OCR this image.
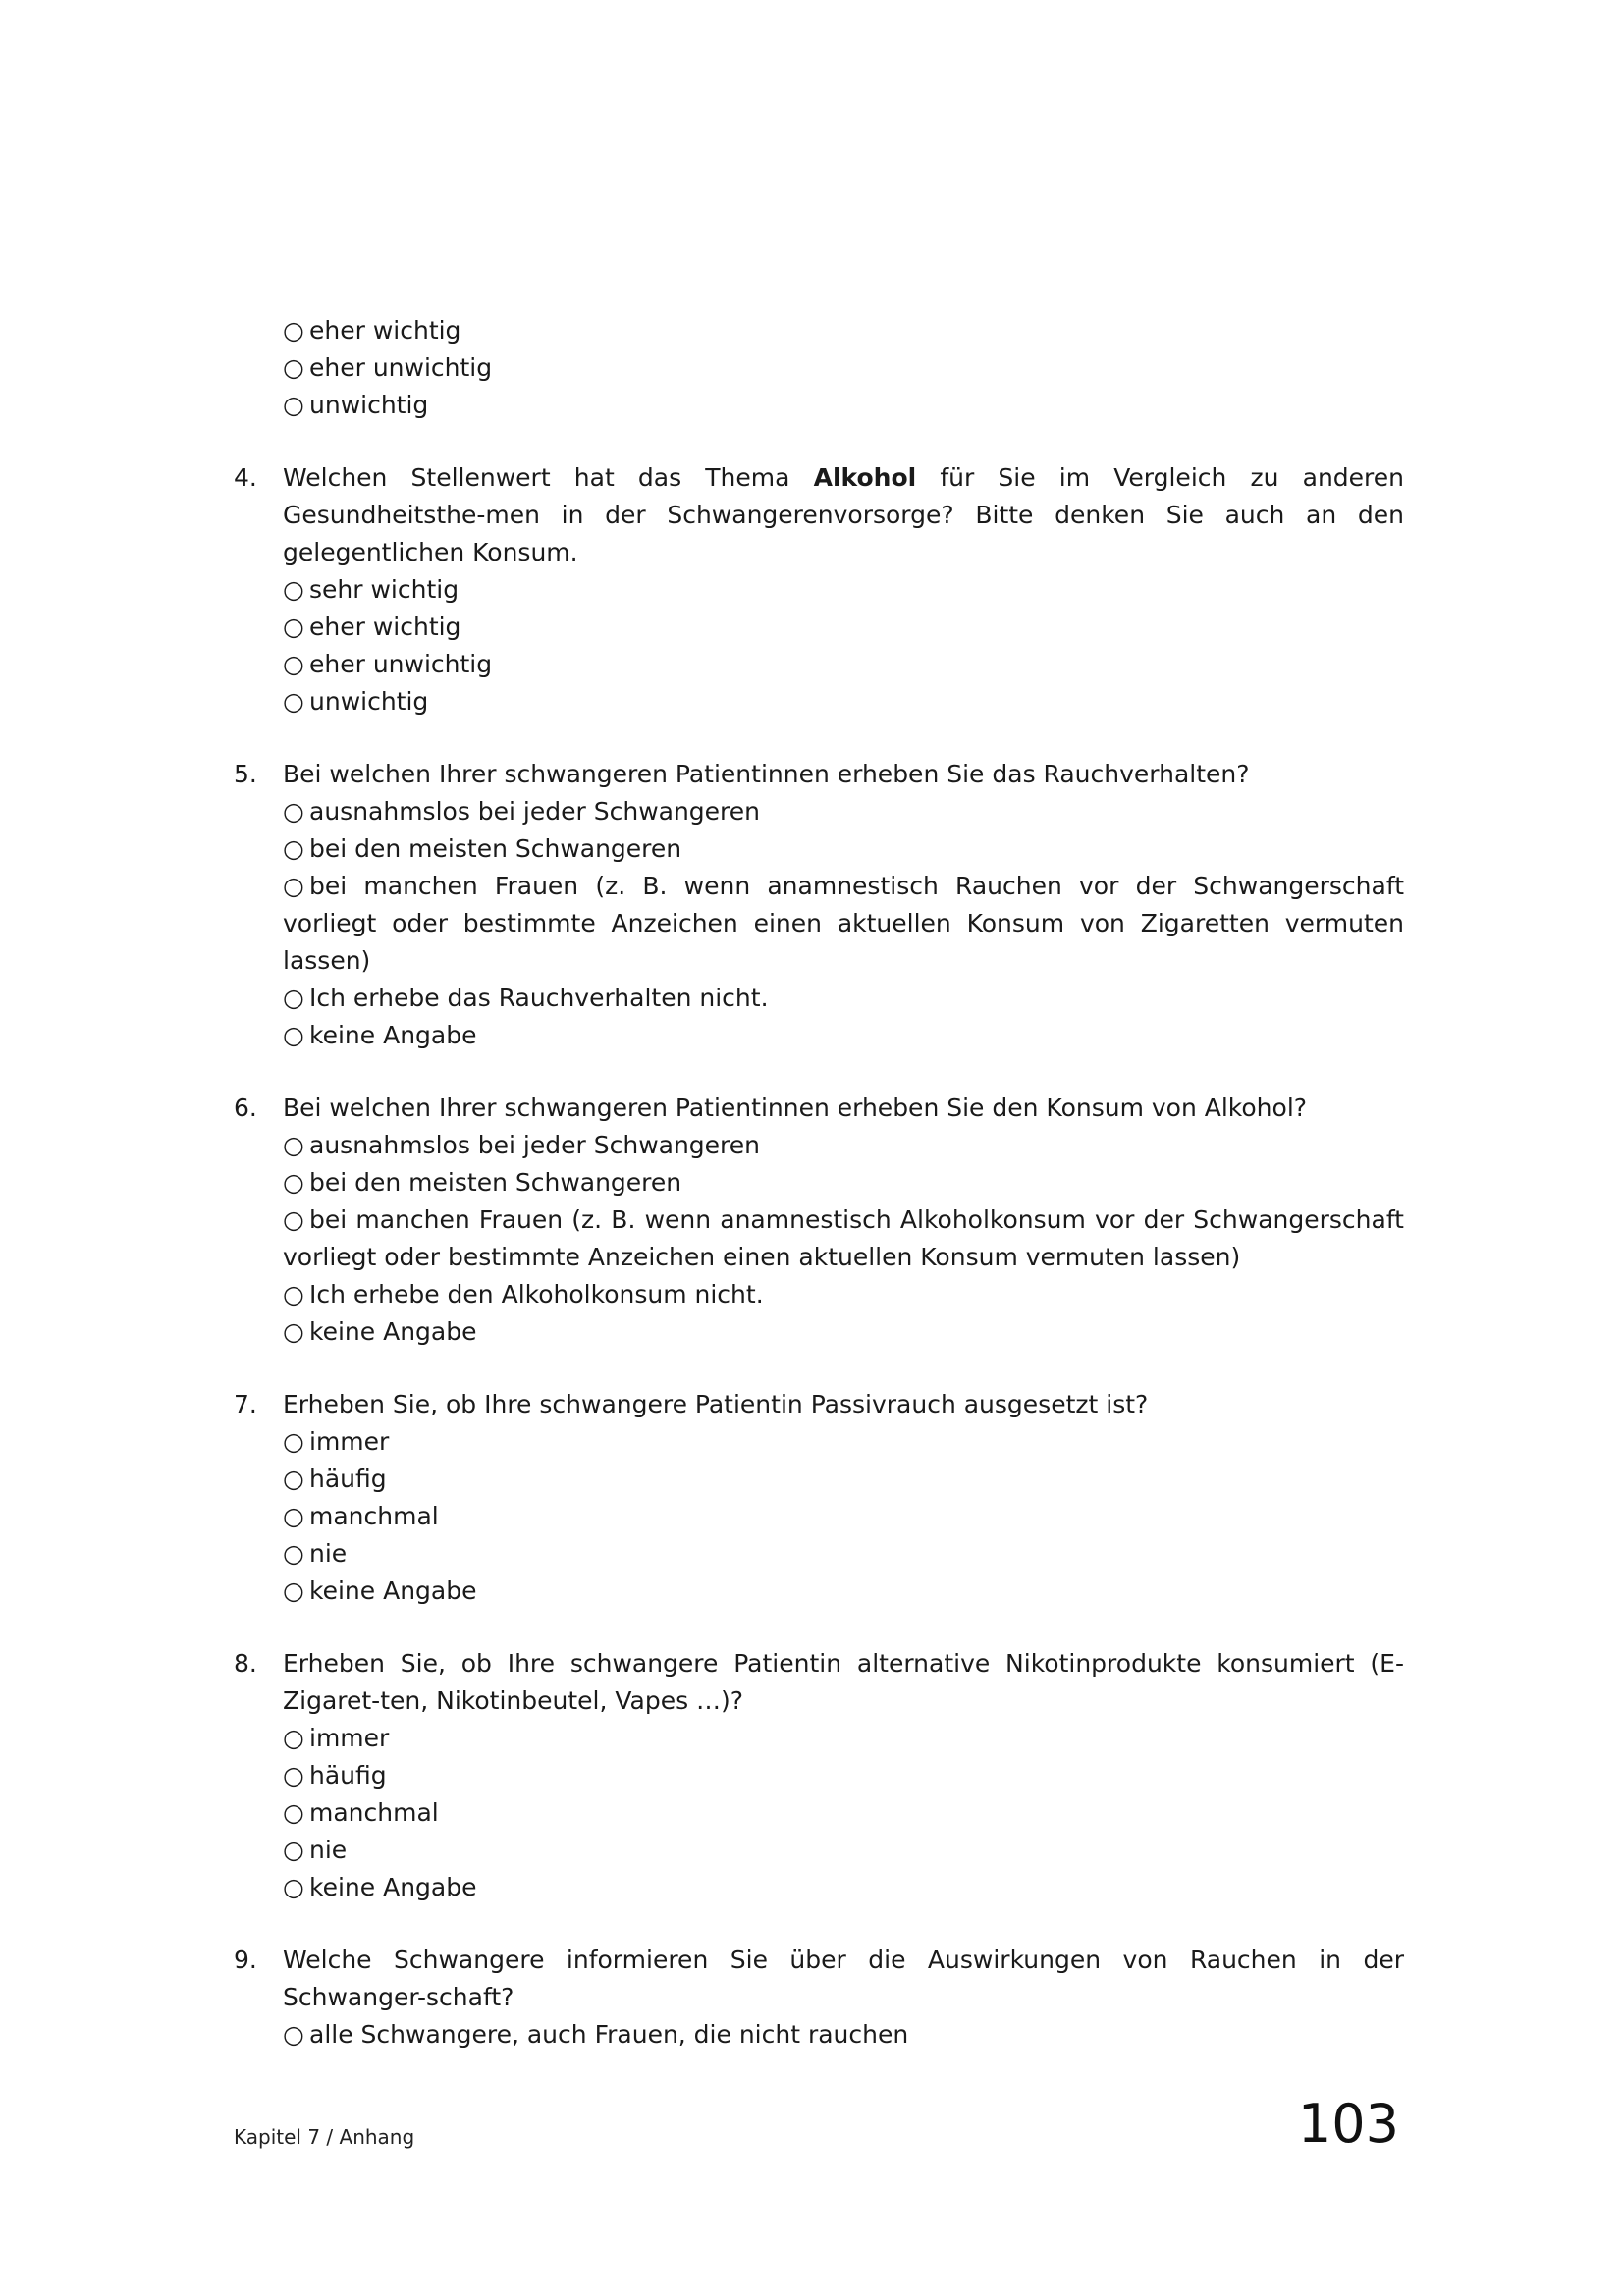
○ eher wichtig
○ eher unwichtig
○ unwichtig
4. Welchen Stellenwert hat das Thema Alkohol für Sie im Vergleich zu anderen Gesundheitsthe-men in der Schwangerenvorsorge? Bitte denken Sie auch an den gelegentlichen Konsum.
○ sehr wichtig
○ eher wichtig
○ eher unwichtig
○ unwichtig
5. Bei welchen Ihrer schwangeren Patientinnen erheben Sie das Rauchverhalten?
○ ausnahmslos bei jeder Schwangeren
○ bei den meisten Schwangeren
○ bei manchen Frauen (z. B. wenn anamnestisch Rauchen vor der Schwangerschaft vorliegt oder bestimmte Anzeichen einen aktuellen Konsum von Zigaretten vermuten lassen)
○ Ich erhebe das Rauchverhalten nicht.
○ keine Angabe
6. Bei welchen Ihrer schwangeren Patientinnen erheben Sie den Konsum von Alkohol?
○ ausnahmslos bei jeder Schwangeren
○ bei den meisten Schwangeren
○ bei manchen Frauen (z. B. wenn anamnestisch Alkoholkonsum vor der Schwangerschaft vorliegt oder bestimmte Anzeichen einen aktuellen Konsum vermuten lassen)
○ Ich erhebe den Alkoholkonsum nicht.
○ keine Angabe
7. Erheben Sie, ob Ihre schwangere Patientin Passivrauch ausgesetzt ist?
○ immer
○ häufig
○ manchmal
○ nie
○ keine Angabe
8. Erheben Sie, ob Ihre schwangere Patientin alternative Nikotinprodukte konsumiert (E-Zigaret-ten, Nikotinbeutel, Vapes …)?
○ immer
○ häufig
○ manchmal
○ nie
○ keine Angabe
9. Welche Schwangere informieren Sie über die Auswirkungen von Rauchen in der Schwanger-schaft?
○ alle Schwangere, auch Frauen, die nicht rauchen
Kapitel 7 / Anhang	103
